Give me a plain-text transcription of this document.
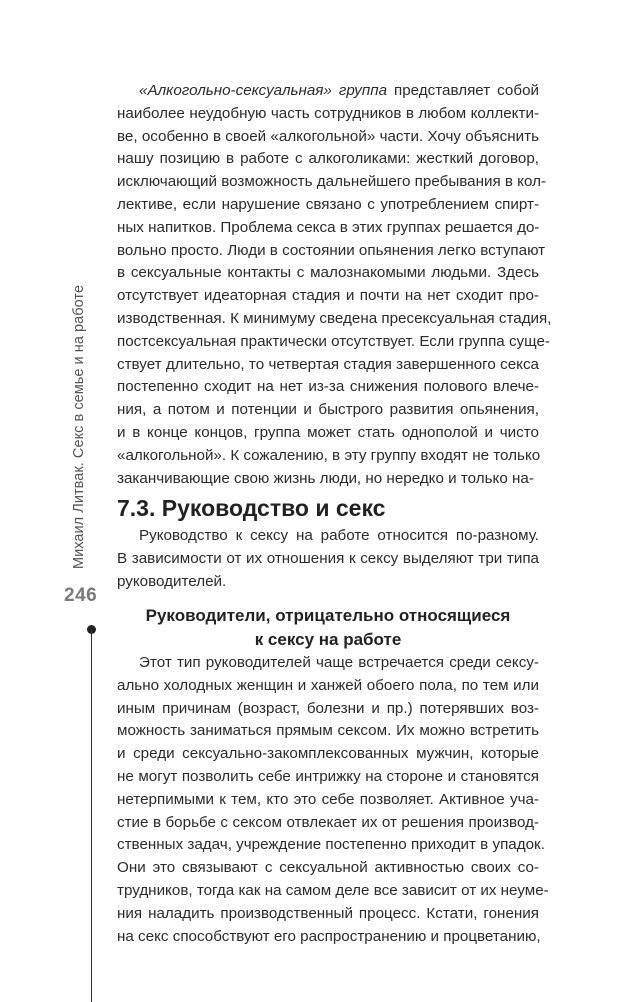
Михаил Литвак. Секс в семье и на работе
246
«Алкогольно-сексуальная» группа представляет собой
наиболее неудобную часть сотрудников в любом коллекти-
ве, особенно в своей «алкогольной» части. Хочу объяснить
нашу позицию в работе с алкоголиками: жесткий договор,
исключающий возможность дальнейшего пребывания в кол-
лективе, если нарушение связано с употреблением спирт-
ных напитков. Проблема секса в этих группах решается до-
вольно просто. Люди в состоянии опьянения легко вступают
в сексуальные контакты с малознакомыми людьми. Здесь
отсутствует идеаторная стадия и почти на нет сходит про-
изводственная. К минимуму сведена пресексуальная стадия,
постсексуальная практически отсутствует. Если группа суще-
ствует длительно, то четвертая стадия завершенного секса
постепенно сходит на нет из-за снижения полового влече-
ния, а потом и потенции и быстрого развития опьянения,
и в конце концов, группа может стать однополой и чисто
«алкогольной». К сожалению, в эту группу входят не только
заканчивающие свою жизнь люди, но нередко и только на-
7.3. Руководство и секс
Руководство к сексу на работе относится по-разному.
В зависимости от их отношения к сексу выделяют три типа
руководителей.
Руководители, отрицательно относящиеся
к сексу на работе
Этот тип руководителей чаще встречается среди сексу-
ально холодных женщин и ханжей обоего пола, по тем или
иным причинам (возраст, болезни и пр.) потерявших воз-
можность заниматься прямым сексом. Их можно встретить
и среди сексуально-закомплексованных мужчин, которые
не могут позволить себе интрижку на стороне и становятся
нетерпимыми к тем, кто это себе позволяет. Активное уча-
стие в борьбе с сексом отвлекает их от решения производ-
ственных задач, учреждение постепенно приходит в упадок.
Они это связывают с сексуальной активностью своих со-
трудников, тогда как на самом деле все зависит от их неуме-
ния наладить производственный процесс. Кстати, гонения
на секс способствуют его распространению и процветанию,
